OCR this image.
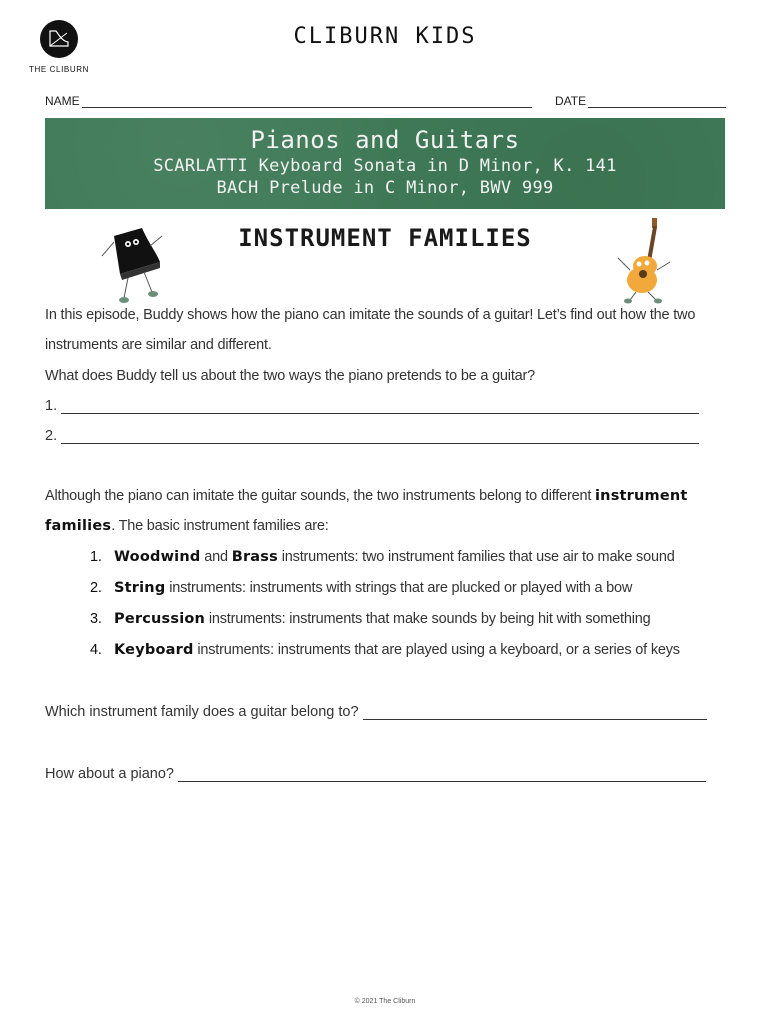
THE CLIBURN
CLIBURN KIDS
NAME	DATE
Pianos and Guitars
SCARLATTI Keyboard Sonata in D Minor, K. 141
BACH Prelude in C Minor, BWV 999
INSTRUMENT FAMILIES
In this episode, Buddy shows how the piano can imitate the sounds of a guitar! Let’s find out how the two
instruments are similar and different.
What does Buddy tell us about the two ways the piano pretends to be a guitar?
1.
2.
Although the piano can imitate the guitar sounds, the two instruments belong to different instrument
families. The basic instrument families are:
1. Woodwind and Brass instruments: two instrument families that use air to make sound
2. String instruments: instruments with strings that are plucked or played with a bow
3. Percussion instruments: instruments that make sounds by being hit with something
4. Keyboard instruments: instruments that are played using a keyboard, or a series of keys
Which instrument family does a guitar belong to?
How about a piano?
© 2021 The Cliburn
